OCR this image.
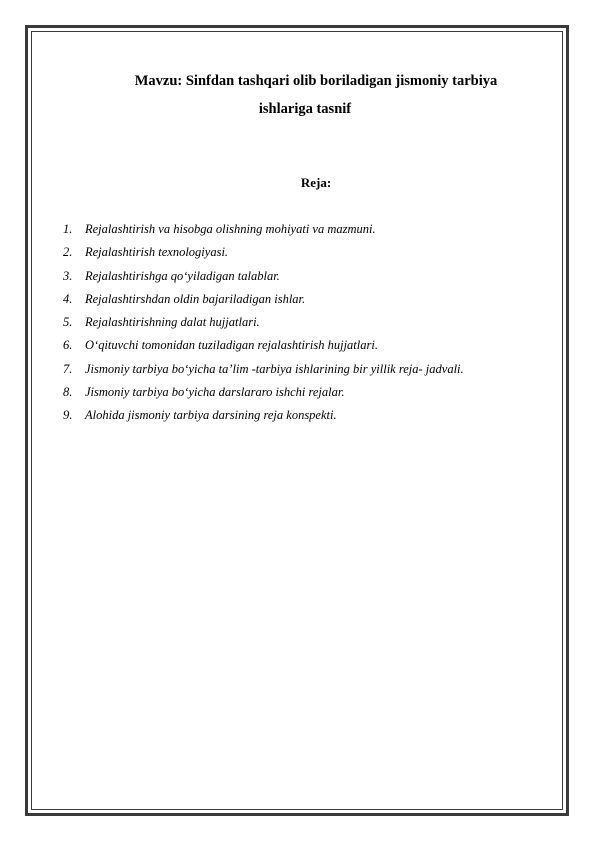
Mavzu: Sinfdan tashqari olib boriladigan jismoniy tarbiya
ishlariga tasnif
Reja:
1. Rejalashtirish va hisobga olishning mohiyati va mazmuni.
2. Rejalashtirish texnologiyasi.
3. Rejalashtirishga qo‘yiladigan talablar.
4. Rejalashtirshdan oldin bajariladigan ishlar.
5. Rejalashtirishning dalat hujjatlari.
6. O‘qituvchi tomonidan tuziladigan rejalashtirish hujjatlari.
7. Jismoniy tarbiya bo‘yicha ta’lim -tarbiya ishlarining bir yillik reja- jadvali.
8. Jismoniy tarbiya bo‘yicha darslararo ishchi rejalar.
9. Alohida jismoniy tarbiya darsining reja konspekti.
